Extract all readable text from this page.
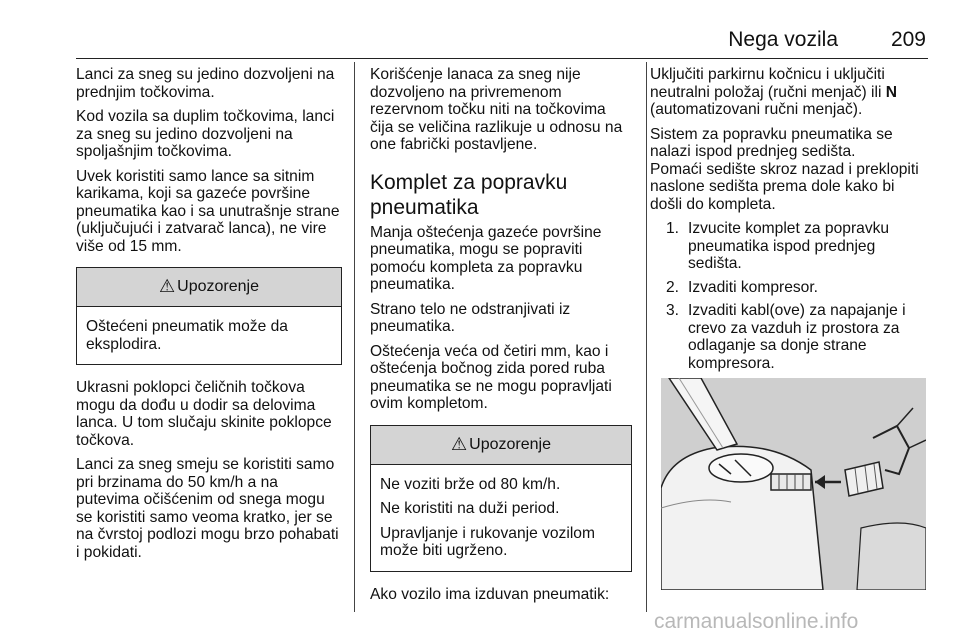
Nega vozila	209

Lanci za sneg su jedino dozvoljeni na prednjim točkovima.

Kod vozila sa duplim točkovima, lanci za sneg su jedino dozvoljeni na spoljašnjim točkovima.

Uvek koristiti samo lance sa sitnim karikama, koji sa gazeće površine pneumatika kao i sa unutrašnje strane (uključujući i zatvarač lanca), ne vire više od 15 mm.

⚠ Upozorenje

Oštećeni pneumatik može da eksplodira.

Ukrasni poklopci čeličnih točkova mogu da dođu u dodir sa delovima lanca. U tom slučaju skinite poklopce točkova.

Lanci za sneg smeju se koristiti samo pri brzinama do 50 km/h a na putevima očišćenim od snega mogu se koristiti samo veoma kratko, jer se na čvrstoj podlozi mogu brzo pohabati i pokidati.

Korišćenje lanaca za sneg nije dozvoljeno na privremenom rezervnom točku niti na točkovima čija se veličina razlikuje u odnosu na one fabrički postavljene.

Komplet za popravku pneumatika

Manja oštećenja gazeće površine pneumatika, mogu se popraviti pomoću kompleta za popravku pneumatika.

Strano telo ne odstranjivati iz pneumatika.

Oštećenja veća od četiri mm, kao i oštećenja bočnog zida pored ruba pneumatika se ne mogu popravljati ovim kompletom.

⚠ Upozorenje

Ne voziti brže od 80 km/h.

Ne koristiti na duži period.

Upravljanje i rukovanje vozilom može biti ugrženo.

Ako vozilo ima izduvan pneumatik:

Uključiti parkirnu kočnicu i uključiti neutralni položaj (ručni menjač) ili N (automatizovani ručni menjač).

Sistem za popravku pneumatika se nalazi ispod prednjeg sedišta.

Pomaći sedište skroz nazad i preklopiti naslone sedišta prema dole kako bi došli do kompleta.

1. Izvucite komplet za popravku pneumatika ispod prednjeg sedišta.
2. Izvaditi kompresor.
3. Izvaditi kabl(ove) za napajanje i crevo za vazduh iz prostora za odlaganje sa donje strane kompresora.
carmanualsonline.info
